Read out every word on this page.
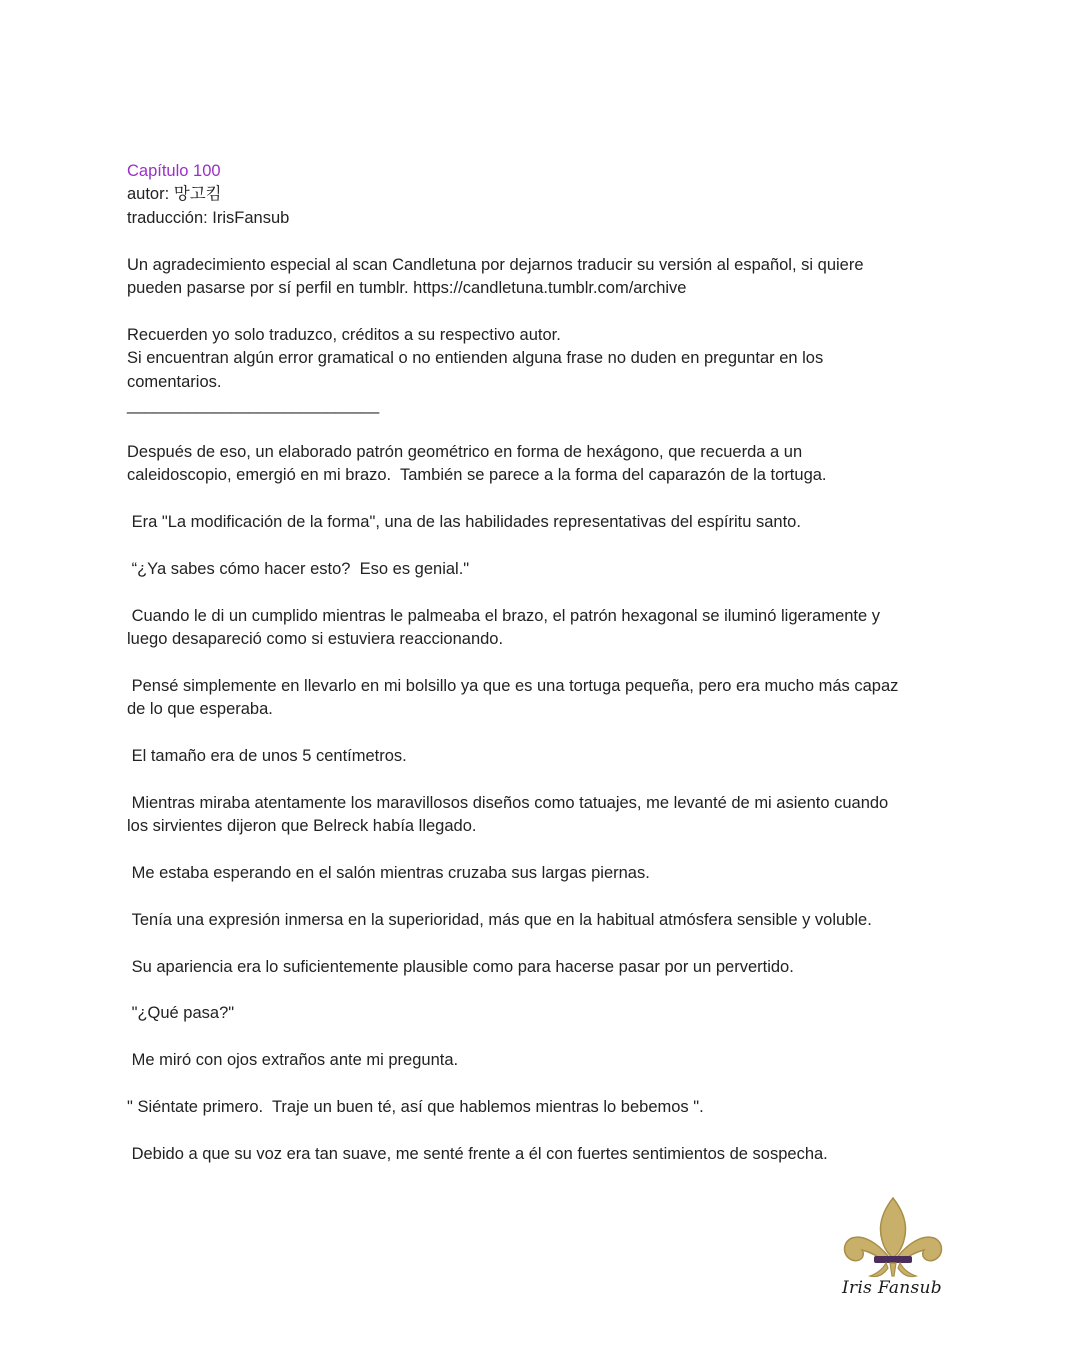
Capítulo 100

autor: 망고킴

traducción: IrisFansub

Un agradecimiento especial al scan Candletuna por dejarnos traducir su versión al español, si quiere

pueden pasarse por sí perfil en tumblr. https://candletuna.tumblr.com/archive

Recuerden yo solo traduzco, créditos a su respectivo autor.

Si encuentran algún error gramatical o no entienden alguna frase no duden en preguntar en los

comentarios.

_____________________________

Después de eso, un elaborado patrón geométrico en forma de hexágono, que recuerda a un

caleidoscopio, emergió en mi brazo.  También se parece a la forma del caparazón de la tortuga.

Era "La modificación de la forma", una de las habilidades representativas del espíritu santo.

“¿Ya sabes cómo hacer esto?  Eso es genial."

Cuando le di un cumplido mientras le palmeaba el brazo, el patrón hexagonal se iluminó ligeramente y

luego desapareció como si estuviera reaccionando.

Pensé simplemente en llevarlo en mi bolsillo ya que es una tortuga pequeña, pero era mucho más capaz

de lo que esperaba.

El tamaño era de unos 5 centímetros.

Mientras miraba atentamente los maravillosos diseños como tatuajes, me levanté de mi asiento cuando

los sirvientes dijeron que Belreck había llegado.

Me estaba esperando en el salón mientras cruzaba sus largas piernas.

Tenía una expresión inmersa en la superioridad, más que en la habitual atmósfera sensible y voluble.

Su apariencia era lo suficientemente plausible como para hacerse pasar por un pervertido.

"¿Qué pasa?"

Me miró con ojos extraños ante mi pregunta.

" Siéntate primero.  Traje un buen té, así que hablemos mientras lo bebemos ".

Debido a que su voz era tan suave, me senté frente a él con fuertes sentimientos de sospecha.

Iris Fansub
